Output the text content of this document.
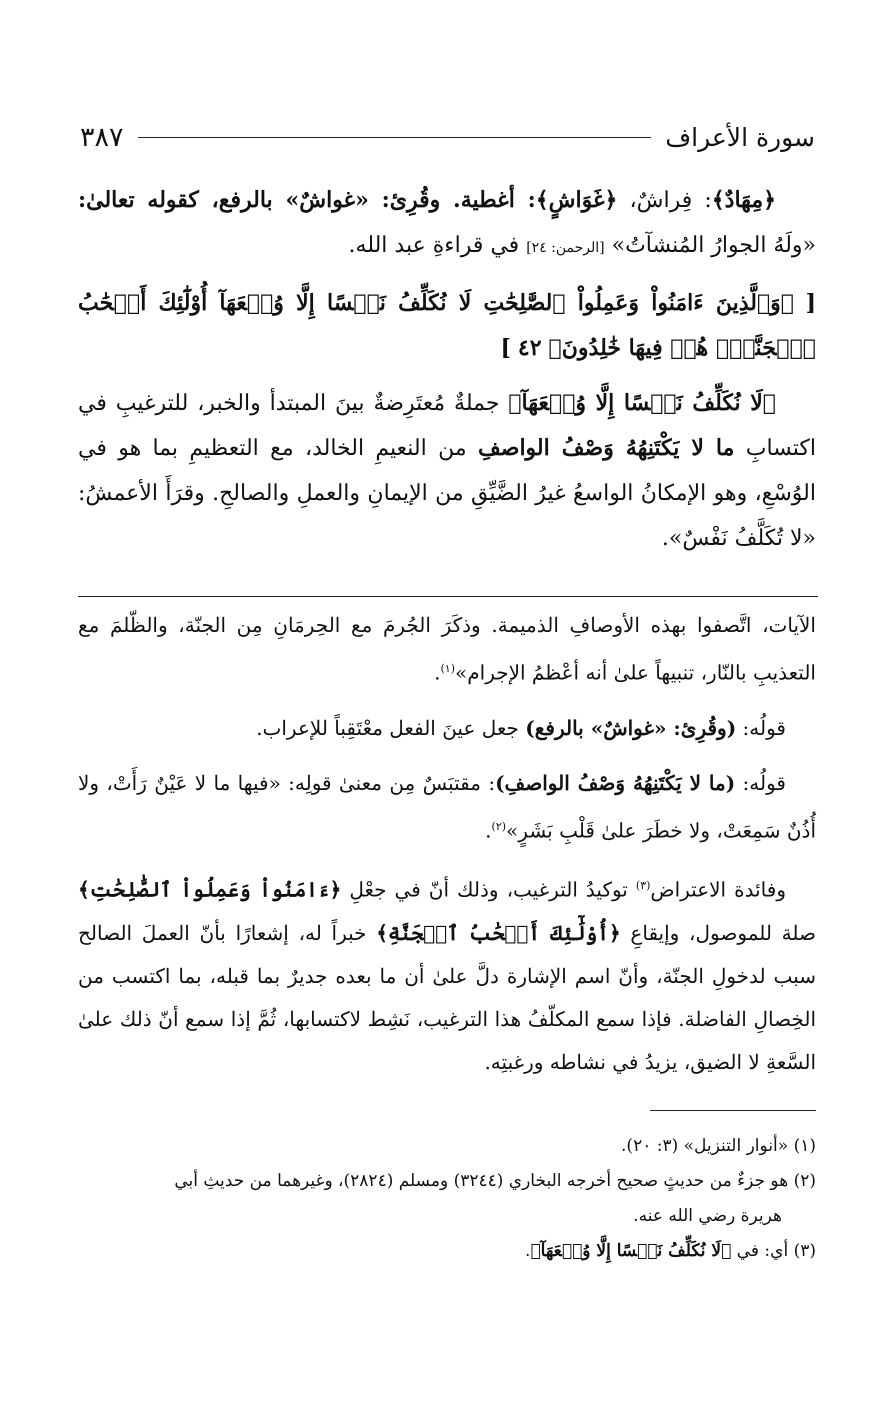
سورة الأعراف
٣٨٧

﴿مِهَادٌ﴾: فِراشٌ، ﴿غَوَاشٍ﴾: أغطية. وقُرِئ: «غواشٌ» بالرفع، كقوله تعالىٰ: «ولَهُ الجوارُ المُنشآتُ» [الرحمن: ٢٤] في قراءةِ عبد الله.

[ ﴿وَٱلَّذِينَ ءَامَنُواْ وَعَمِلُواْ ٱلصَّٰلِحَٰتِ لَا نُكَلِّفُ نَفۡسًا إِلَّا وُسۡعَهَآ أُوْلَٰٓئِكَ أَصۡحَٰبُ ٱلۡجَنَّةِۖ هُمۡ فِيهَا خَٰلِدُونَ﴾ ٤٢ ]

﴿لَا نُكَلِّفُ نَفۡسًا إِلَّا وُسۡعَهَآ﴾ جملةٌ مُعتَرِضةٌ بينَ المبتدأ والخبر، للترغيبِ في اكتسابِ ما لا يَكْتَنِهُهُ وَصْفُ الواصفِ من النعيمِ الخالد، مع التعظيمِ بما هو في الوُسْعِ، وهو الإمكانُ الواسعُ غيرُ الضَّيِّقِ من الإيمانِ والعملِ والصالحِ. وقرَأَ الأعمشُ: «لا تُكَلَّفُ نَفْسٌ».

الآيات، اتَّصفوا بهذه الأوصافِ الذميمة. وذكَرَ الجُرمَ مع الحِرمَانِ مِن الجنّة، والظّلمَ مع التعذيبِ بالنّار، تنبيهاً علىٰ أنه أعْظمُ الإجرام»$^{(١)}$.

قولُه: (وقُرِئ: «غواشٌ» بالرفع) جعل عينَ الفعل معْتَقِباً للإعراب.

قولُه: (ما لا يَكْتَنِهُهُ وَصْفُ الواصفِ): مقتبَسٌ مِن معنىٰ قولِه: «فيها ما لا عَيْنٌ رَأَتْ، ولا أُذُنٌ سَمِعَتْ، ولا خطَرَ علىٰ قَلْبِ بَشَرٍ»$^{(٢)}$.

وفائدة الاعتراض$^{(٣)}$ توكيدُ الترغيب، وذلك أنّ في جعْلِ ﴿ءَامَنُواْ وَعَمِلُواْ ٱلصَّٰلِحَٰتِ﴾ صلة للموصول، وإيقاعِ ﴿أُوْلَٰٓئِكَ أَصۡحَٰبُ ٱلۡجَنَّةِ﴾ خبراً له، إشعارًا بأنّ العملَ الصالح سبب لدخولِ الجنّة، وأنّ اسم الإشارة دلَّ علىٰ أن ما بعده جديرٌ بما قبله، بما اكتسب من الخِصالِ الفاضلة. فإذا سمع المكلّفُ هذا الترغيب، نَشِط لاكتسابها، ثُمَّ إذا سمع أنّ ذلك علىٰ السَّعةِ لا الضيق، يزيدُ في نشاطه ورغبتِه.

(١) «أنوار التنزيل» (٣: ٢٠).

(٢) هو جزءٌ من حديثٍ صحيح أخرجه البخاري (٣٢٤٤) ومسلم (٢٨٢٤)، وغيرهما من حديثِ أبي

هريرة رضي الله عنه.

(٣) أي: في ﴿لَا نُكَلِّفُ نَفۡسًا إِلَّا وُسۡعَهَآ﴾.
